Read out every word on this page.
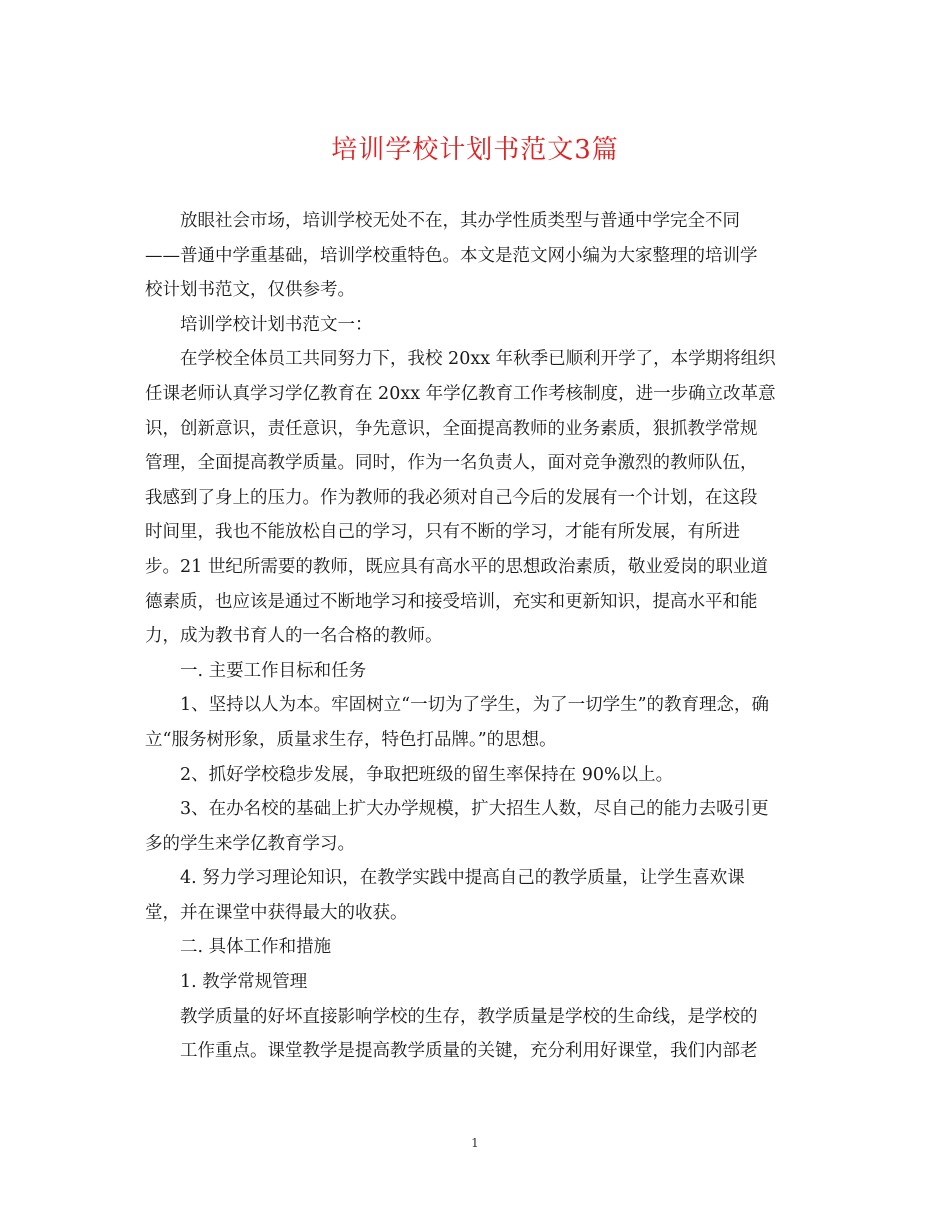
培训学校计划书范文3篇
放眼社会市场，培训学校无处不在，其办学性质类型与普通中学完全不同
——普通中学重基础，培训学校重特色。本文是范文网小编为大家整理的培训学
校计划书范文，仅供参考。
培训学校计划书范文一：
在学校全体员工共同努力下，我校 20xx 年秋季已顺利开学了，本学期将组织
任课老师认真学习学亿教育在 20xx 年学亿教育工作考核制度，进一步确立改革意
识，创新意识，责任意识，争先意识，全面提高教师的业务素质，狠抓教学常规
管理，全面提高教学质量。同时，作为一名负责人，面对竞争激烈的教师队伍，
我感到了身上的压力。作为教师的我必须对自己今后的发展有一个计划，在这段
时间里，我也不能放松自己的学习，只有不断的学习，才能有所发展，有所进
步。21 世纪所需要的教师，既应具有高水平的思想政治素质，敬业爱岗的职业道
德素质，也应该是通过不断地学习和接受培训，充实和更新知识，提高水平和能
力，成为教书育人的一名合格的教师。
一. 主要工作目标和任务
1、坚持以人为本。牢固树立“一切为了学生，为了一切学生”的教育理念，确
立“服务树形象，质量求生存，特色打品牌。”的思想。
2、抓好学校稳步发展，争取把班级的留生率保持在 90%以上。
3、在办名校的基础上扩大办学规模，扩大招生人数，尽自己的能力去吸引更
多的学生来学亿教育学习。
4. 努力学习理论知识，在教学实践中提高自己的教学质量，让学生喜欢课
堂，并在课堂中获得最大的收获。
二. 具体工作和措施
1. 教学常规管理
教学质量的好坏直接影响学校的生存，教学质量是学校的生命线，是学校的
工作重点。课堂教学是提高教学质量的关键，充分利用好课堂，我们内部老
1
